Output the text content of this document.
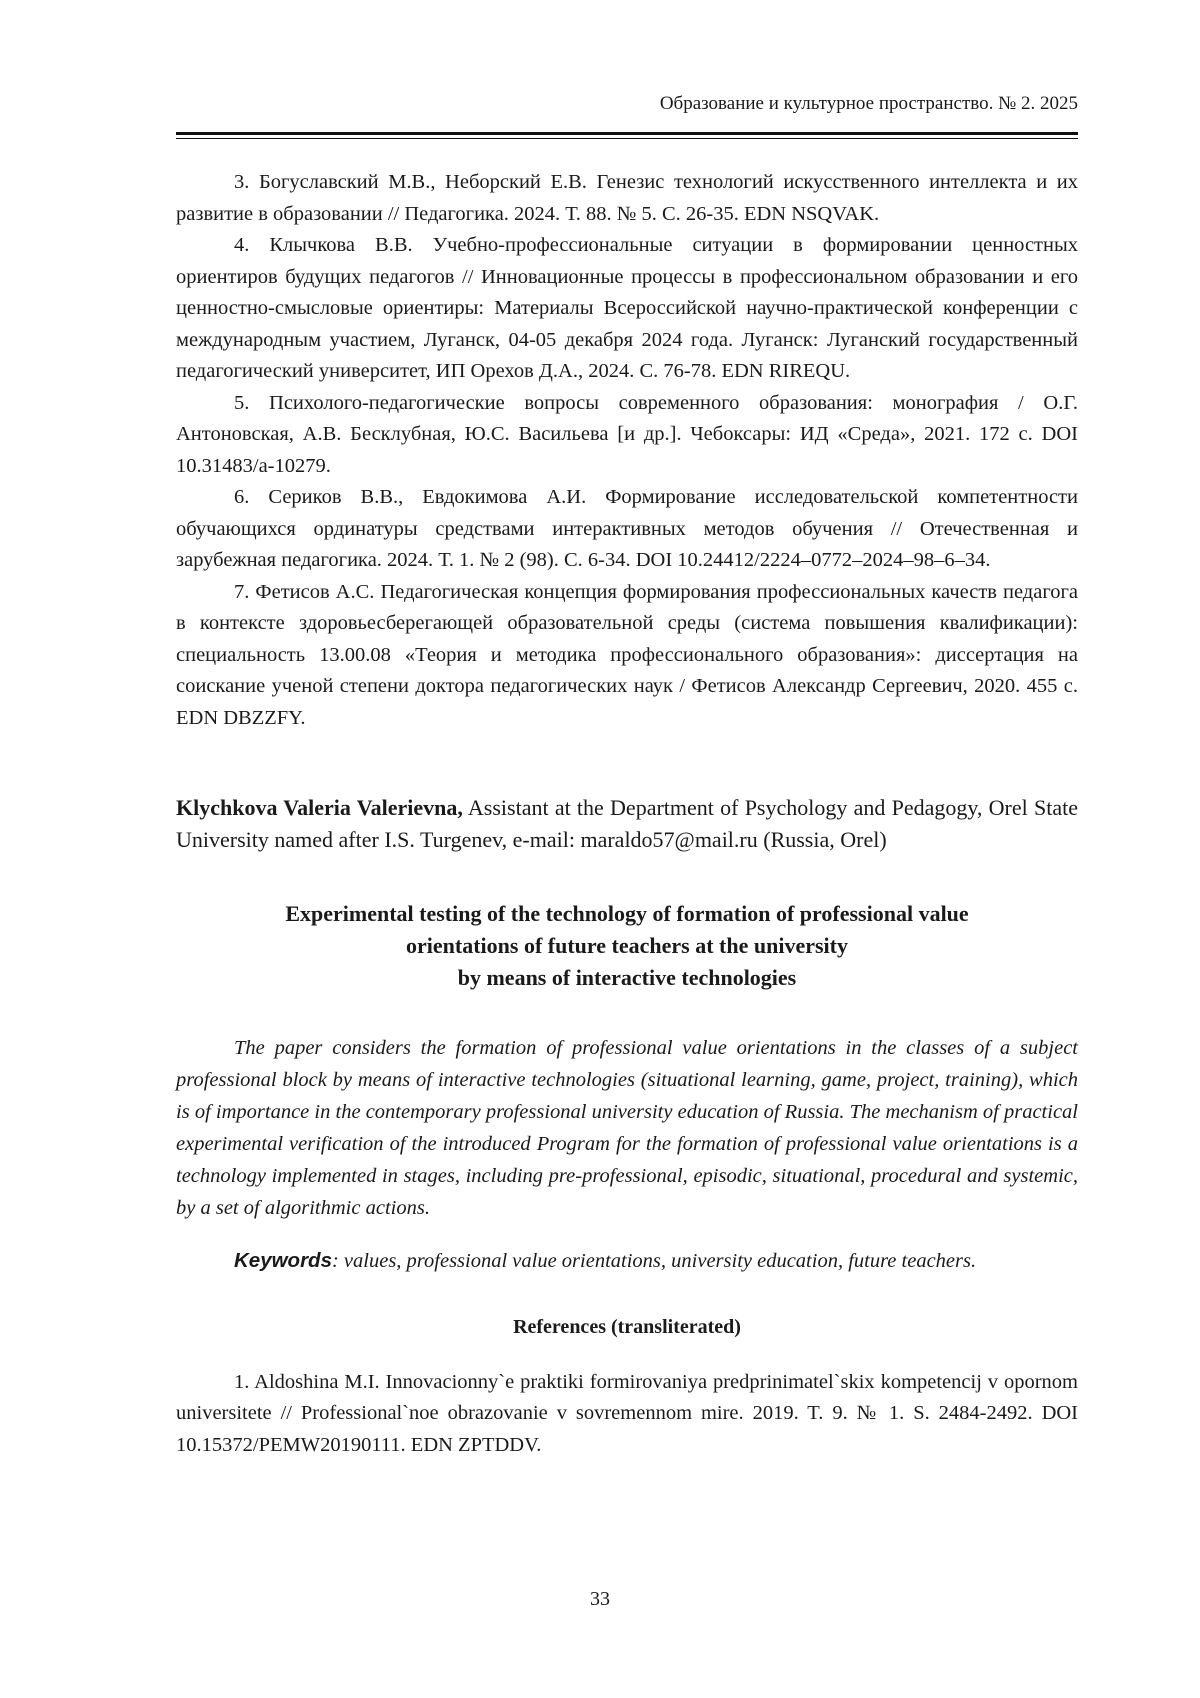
Образование и культурное пространство. № 2. 2025

3. Богуславский М.В., Неборский Е.В. Генезис технологий искусственного интеллекта и их развитие в образовании // Педагогика. 2024. Т. 88. № 5. С. 26-35. EDN NSQVAK.

4. Клычкова В.В. Учебно-профессиональные ситуации в формировании ценностных ориентиров будущих педагогов // Инновационные процессы в профессиональном образовании и его ценностно-смысловые ориентиры: Материалы Всероссийской научно-практической конференции с международным участием, Луганск, 04-05 декабря 2024 года. Луганск: Луганский государственный педагогический университет, ИП Орехов Д.А., 2024. С. 76-78. EDN RIREQU.

5. Психолого-педагогические вопросы современного образования: монография / О.Г. Антоновская, А.В. Бесклубная, Ю.С. Васильева [и др.]. Чебоксары: ИД «Среда», 2021. 172 с. DOI 10.31483/a-10279.

6. Сериков В.В., Евдокимова А.И. Формирование исследовательской компетентности обучающихся ординатуры средствами интерактивных методов обучения // Отечественная и зарубежная педагогика. 2024. Т. 1. № 2 (98). С. 6-34. DOI 10.24412/2224–0772–2024–98–6–34.

7. Фетисов А.С. Педагогическая концепция формирования профессиональных качеств педагога в контексте здоровьесберегающей образовательной среды (система повышения квалификации): специальность 13.00.08 «Теория и методика профессионального образования»: диссертация на соискание ученой степени доктора педагогических наук / Фетисов Александр Сергеевич, 2020. 455 с. EDN DBZZFY.

Klychkova Valeria Valerievna, Assistant at the Department of Psychology and Pedagogy, Orel State University named after I.S. Turgenev, e-mail: maraldo57@mail.ru (Russia, Orel)
Experimental testing of the technology of formation of professional value
orientations of future teachers at the university
by means of interactive technologies

The paper considers the formation of professional value orientations in the classes of a subject professional block by means of interactive technologies (situational learning, game, project, training), which is of importance in the contemporary professional university education of Russia. The mechanism of practical experimental verification of the introduced Program for the formation of professional value orientations is a technology implemented in stages, including pre-professional, episodic, situational, procedural and systemic, by a set of algorithmic actions.

Keywords: values, professional value orientations, university education, future teachers.

References (transliterated)

1. Aldoshina M.I. Innovacionny`e praktiki formirovaniya predprinimatel`skix kompetencij v opornom universitete // Professional`noe obrazovanie v sovremennom mire. 2019. T. 9. № 1. S. 2484-2492. DOI 10.15372/PEMW20190111. EDN ZPTDDV.

33
